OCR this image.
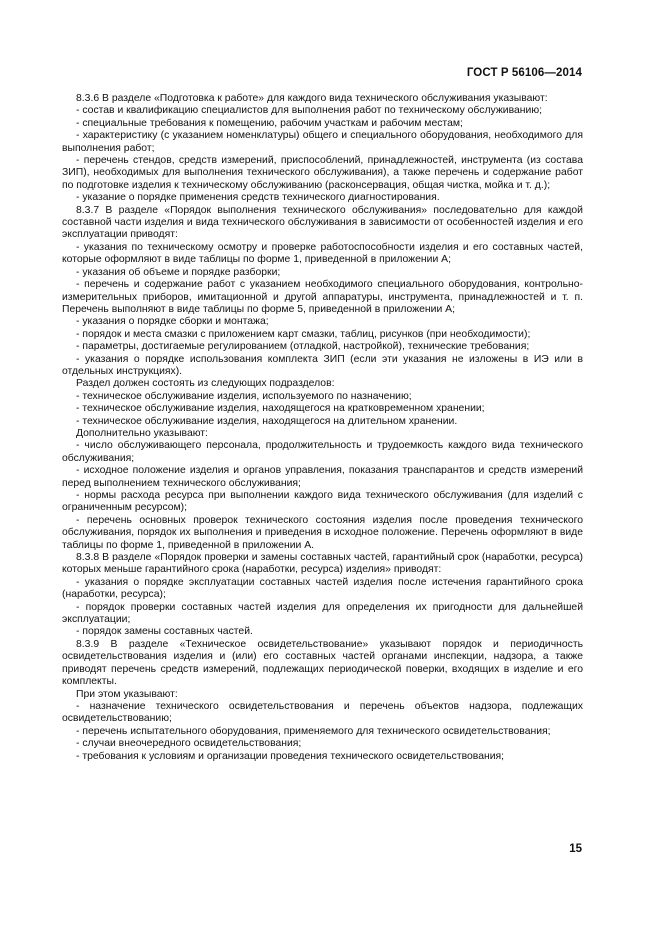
ГОСТ Р 56106—2014

8.3.6 В разделе «Подготовка к работе» для каждого вида технического обслуживания указывают:

- состав и квалификацию специалистов для выполнения работ по техническому обслуживанию;

- специальные требования к помещению, рабочим участкам и рабочим местам;

- характеристику (с указанием номенклатуры) общего и специального оборудования, необходимого для выполнения работ;

- перечень стендов, средств измерений, приспособлений, принадлежностей, инструмента (из состава ЗИП), необходимых для выполнения технического обслуживания), а также перечень и содержание работ по подготовке изделия к техническому обслуживанию (расконсервация, общая чистка, мойка и т. д.);

- указание о порядке применения средств технического диагностирования.

8.3.7 В разделе «Порядок выполнения технического обслуживания» последовательно для каждой составной части изделия и вида технического обслуживания в зависимости от особенностей изделия и его эксплуатации приводят:

- указания по техническому осмотру и проверке работоспособности изделия и его составных частей, которые оформляют в виде таблицы по форме 1, приведенной в приложении А;

- указания об объеме и порядке разборки;

- перечень и содержание работ с указанием необходимого специального оборудования, контрольно-измерительных приборов, имитационной и другой аппаратуры, инструмента, принадлежностей и т. п. Перечень выполняют в виде таблицы по форме 5, приведенной в приложении А;

- указания о порядке сборки и монтажа;

- порядок и места смазки с приложением карт смазки, таблиц, рисунков (при необходимости);

- параметры, достигаемые регулированием (отладкой, настройкой), технические требования;

- указания о порядке использования комплекта ЗИП (если эти указания не изложены в ИЭ или в отдельных инструкциях).

Раздел должен состоять из следующих подразделов:

- техническое обслуживание изделия, используемого по назначению;

- техническое обслуживание изделия, находящегося на кратковременном хранении;

- техническое обслуживание изделия, находящегося на длительном хранении.

Дополнительно указывают:

- число обслуживающего персонала, продолжительность и трудоемкость каждого вида технического обслуживания;

- исходное положение изделия и органов управления, показания транспарантов и средств измерений перед выполнением технического обслуживания;

- нормы расхода ресурса при выполнении каждого вида технического обслуживания (для изделий с ограниченным ресурсом);

- перечень основных проверок технического состояния изделия после проведения технического обслуживания, порядок их выполнения и приведения в исходное положение. Перечень оформляют в виде таблицы по форме 1, приведенной в приложении А.

8.3.8 В разделе «Порядок проверки и замены составных частей, гарантийный срок (наработки, ресурса) которых меньше гарантийного срока (наработки, ресурса) изделия» приводят:

- указания о порядке эксплуатации составных частей изделия после истечения гарантийного срока (наработки, ресурса);

- порядок проверки составных частей изделия для определения их пригодности для дальнейшей эксплуатации;

- порядок замены составных частей.

8.3.9 В разделе «Техническое освидетельствование» указывают порядок и периодичность освидетельствования изделия и (или) его составных частей органами инспекции, надзора, а также приводят перечень средств измерений, подлежащих периодической поверки, входящих в изделие и его комплекты.

При этом указывают:

- назначение технического освидетельствования и перечень объектов надзора, подлежащих освидетельствованию;

- перечень испытательного оборудования, применяемого для технического освидетельствования;

- случаи внеочередного освидетельствования;

- требования к условиям и организации проведения технического освидетельствования;

15
